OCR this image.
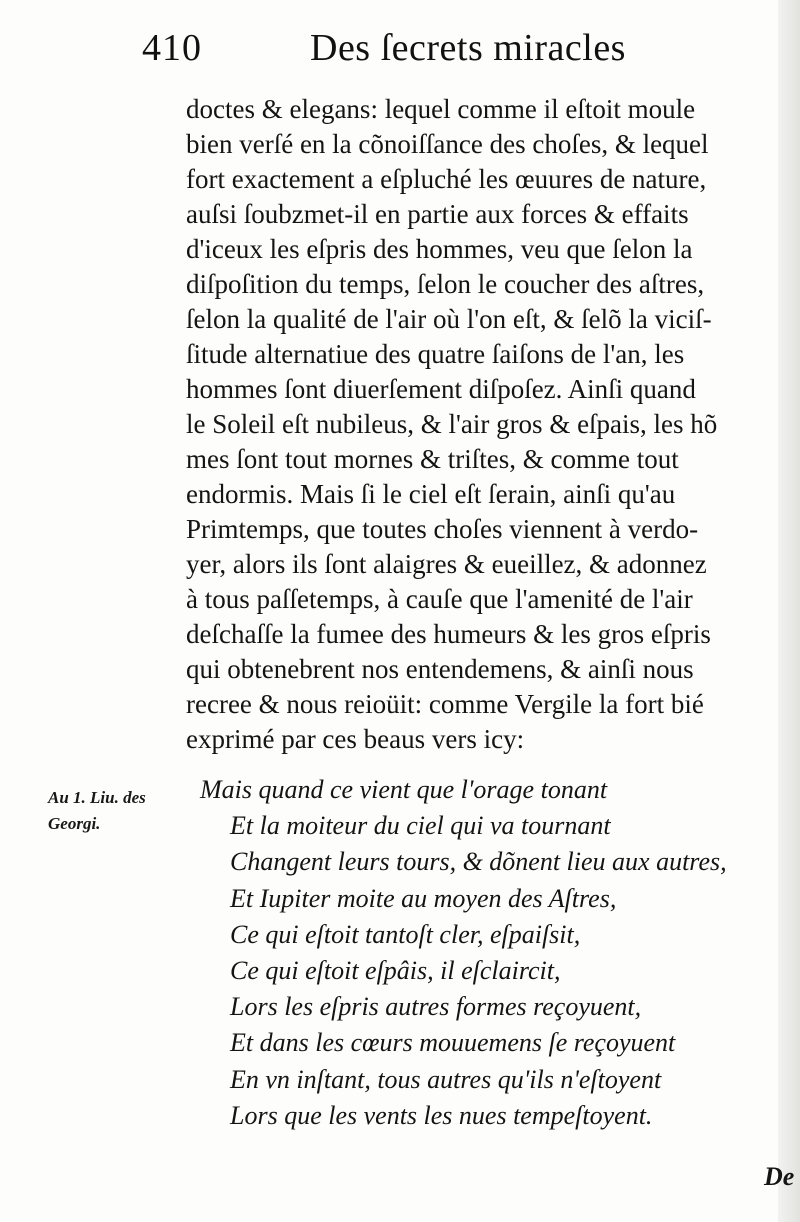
410	Des ſecrets miracles
doctes & elegans: lequel comme il eſtoit moule
bien verſé en la cõnoiſſance des choſes, & lequel
fort exactement a eſpluché les œuures de nature,
auſsi ſoubzmet-il en partie aux forces & effaits
d'iceux les eſpris des hommes, veu que ſelon la
diſpoſition du temps, ſelon le coucher des aſtres,
ſelon la qualité de l'air où l'on eſt, & ſelõ la viciſ-
ſitude alternatiue des quatre ſaiſons de l'an, les
hommes ſont diuerſement diſpoſez. Ainſi quand
le Soleil eſt nubileus, & l'air gros & eſpais, les hõ
mes ſont tout mornes & triſtes, & comme tout
endormis. Mais ſi le ciel eſt ſerain, ainſi qu'au
Primtemps, que toutes choſes viennent à verdo-
yer, alors ils ſont alaigres & eueillez, & adonnez
à tous paſſetemps, à cauſe que l'amenité de l'air
deſchaſſe la fumee des humeurs & les gros eſpris
qui obtenebrent nos entendemens, & ainſi nous
recree & nous reioüit: comme Vergile la fort bié
exprimé par ces beaus vers icy:
Au 1. Liu. des
Georgi.
Mais quand ce vient que l'orage tonant
Et la moiteur du ciel qui va tournant
Changent leurs tours, & dõnent lieu aux autres,
Et Iupiter moite au moyen des Aſtres,
Ce qui eſtoit tantoſt cler, eſpaiſsit,
Ce qui eſtoit eſpâis, il eſclaircit,
Lors les eſpris autres formes reçoyuent,
Et dans les cœurs mouuemens ſe reçoyuent
En vn inſtant, tous autres qu'ils n'eſtoyent
Lors que les vents les nues tempeſtoyent.
De
